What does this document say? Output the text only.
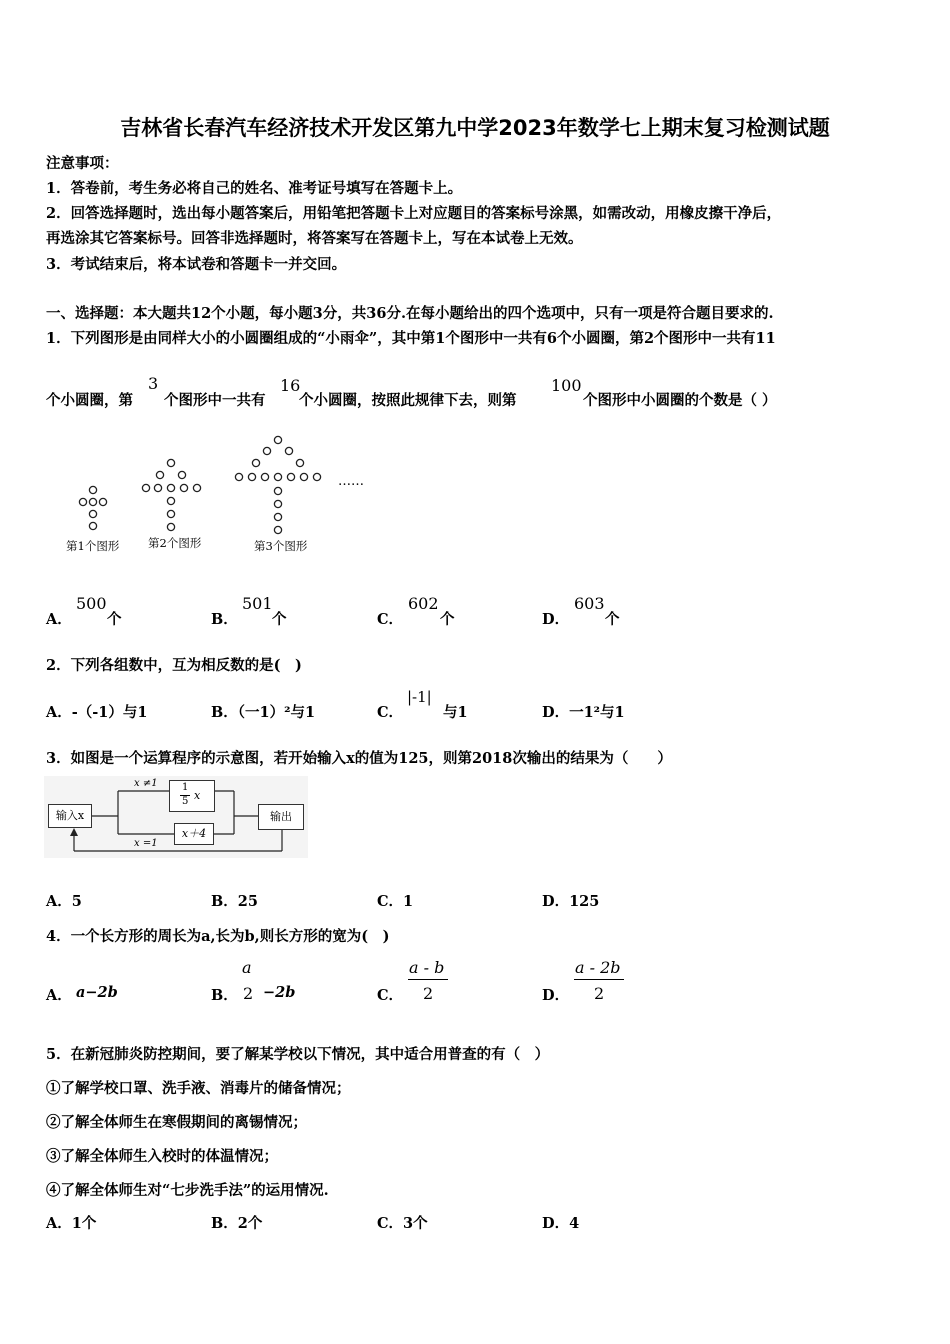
吉林省长春汽车经济技术开发区第九中学2023年数学七上期末复习检测试题
注意事项：
1．答卷前，考生务必将自己的姓名、准考证号填写在答题卡上。
2．回答选择题时，选出每小题答案后，用铅笔把答题卡上对应题目的答案标号涂黑，如需改动，用橡皮擦干净后，
再选涂其它答案标号。回答非选择题时，将答案写在答题卡上，写在本试卷上无效。
3．考试结束后，将本试卷和答题卡一并交回。
一、选择题：本大题共12个小题，每小题3分，共36分.在每小题给出的四个选项中，只有一项是符合题目要求的.
1．下列图形是由同样大小的小圆圈组成的“小雨伞”，其中第1个图形中一共有6个小圆圈，第2个图形中一共有11
个小圆圈，第
3
个图形中一共有
16
个小圆圈，按照此规律下去，则第
100
个图形中小圆圈的个数是（ ）
……
第1个图形 第2个图形	第3个图形
A．
500
个	B．
501
个	C．
602
个	D．
603
个
2．下列各组数中，互为相反数的是(　)
A．-（-1）与1	B．（一1）²与1	C．
|-1|
与1	D．一1²与1
3．如图是一个运算程序的示意图，若开始输入x的值为125，则第2018次输出的结果为（　　）
输入x
x ≠1 1
5 x
x＋4
x =1
输出
A．5	B．25	C．1	D．125
4．一个长方形的周长为a,长为b,则长方形的宽为(　)
A． a−2b	B．
a
2 −2b	C．
a - b
2	D．
a - 2b
2
5．在新冠肺炎防控期间，要了解某学校以下情况，其中适合用普查的有（　）
①了解学校口罩、洗手液、消毒片的储备情况；
②了解全体师生在寒假期间的离锡情况；
③了解全体师生入校时的体温情况；
④了解全体师生对“七步洗手法”的运用情况.
A．1个	B．2个	C．3个	D．4
